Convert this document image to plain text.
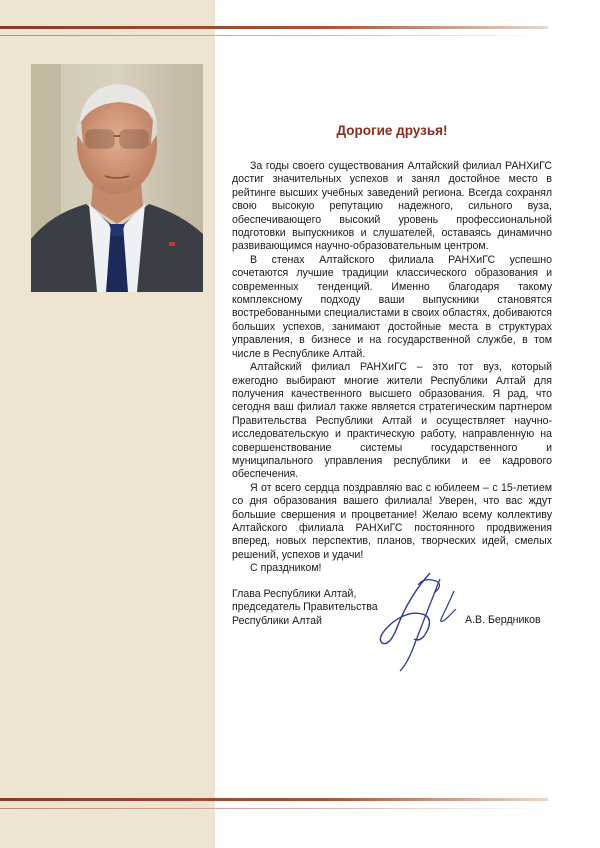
Дорогие друзья!

За годы своего существования Алтайский филиал РАНХиГС достиг значительных успехов и занял достойное место в рейтинге высших учебных заведений региона. Всегда сохранял свою высокую репутацию надежного, сильного вуза, обеспечивающего высокий уровень профессиональной подготовки выпускников и слушателей, оставаясь динамично развивающимся научно-образовательным центром.

В стенах Алтайского филиала РАНХиГС успешно сочетаются лучшие традиции классического образования и современных тенденций. Именно благодаря такому комплексному подходу ваши выпускники становятся востребованными специалистами в своих областях, добиваются больших успехов, занимают достойные места в структурах управления, в бизнесе и на государственной службе, в том числе в Республике Алтай.

Алтайский филиал РАНХиГС – это тот вуз, который ежегодно выбирают многие жители Республики Алтай для получения качественного высшего образования. Я рад, что сегодня ваш филиал также является стратегическим партнером Правительства Республики Алтай и осуществляет научно-исследовательскую и практическую работу, направленную на совершенствование системы государственного и муниципального управления республики и ее кадрового обеспечения.

Я от всего сердца поздравляю вас с юбилеем – с 15-летием со дня образования вашего филиала! Уверен, что вас ждут большие свершения и процветание! Желаю всему коллективу Алтайского филиала РАНХиГС постоянного продвижения вперед, новых перспектив, планов, творческих идей, смелых решений, успехов и удачи!

С праздником!

Глава Республики Алтай,
председатель Правительства
Республики Алтай	А.В. Бердников
